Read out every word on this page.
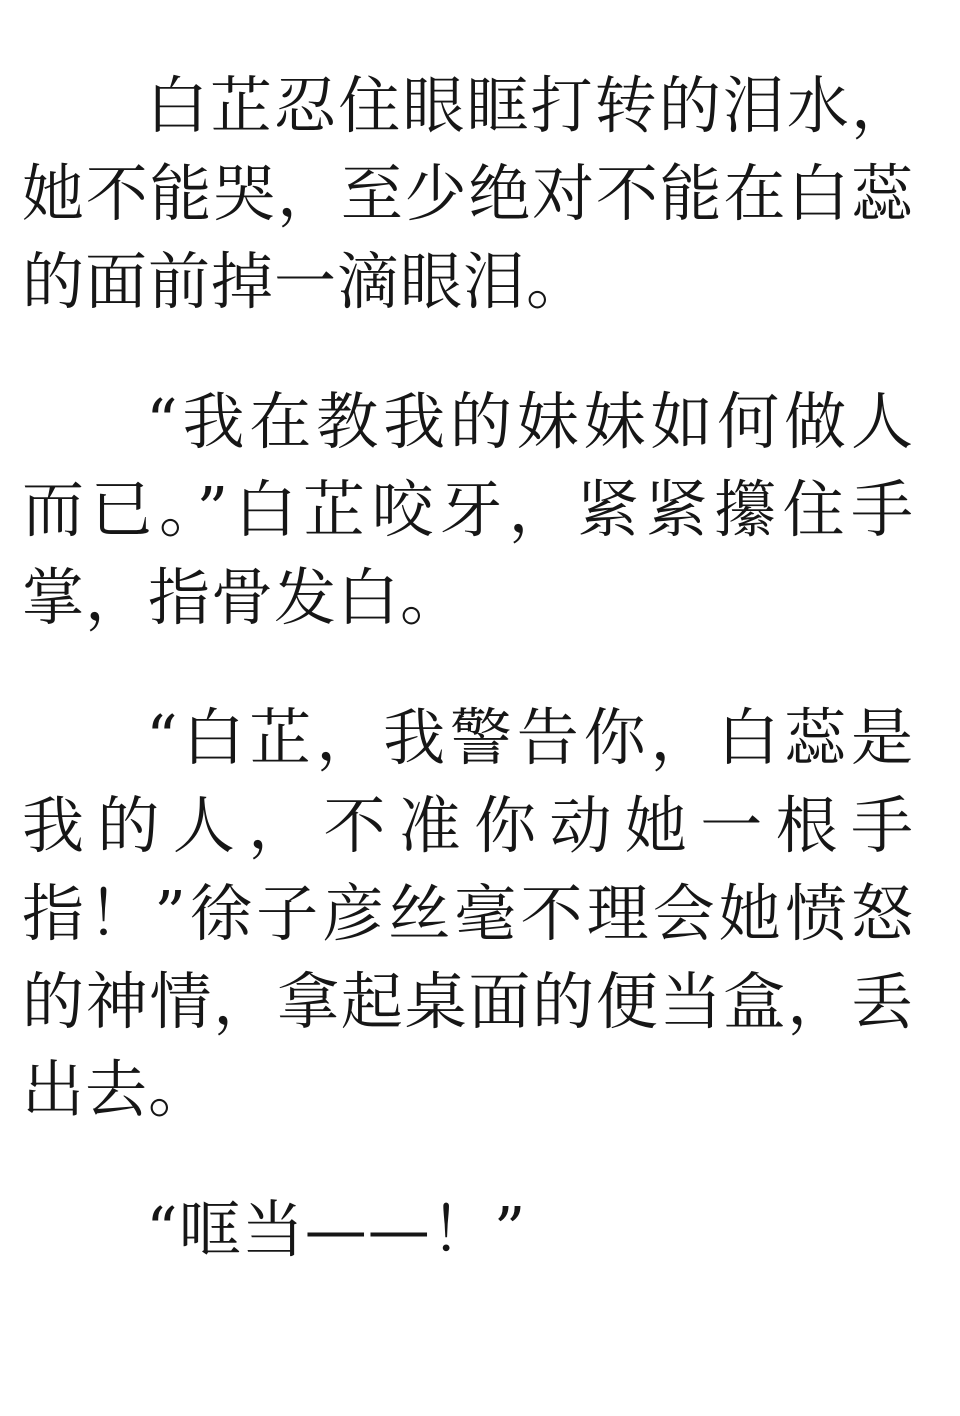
白芷忍住眼眶打转的泪水，她不能哭，至少绝对不能在白蕊的面前掉一滴眼泪。

“我在教我的妹妹如何做人而已。”白芷咬牙，紧紧攥住手掌，指骨发白。

“白芷，我警告你，白蕊是我的人，不准你动她一根手指！”徐子彦丝毫不理会她愤怒的神情，拿起桌面的便当盒，丢出去。

“哐当——！”
